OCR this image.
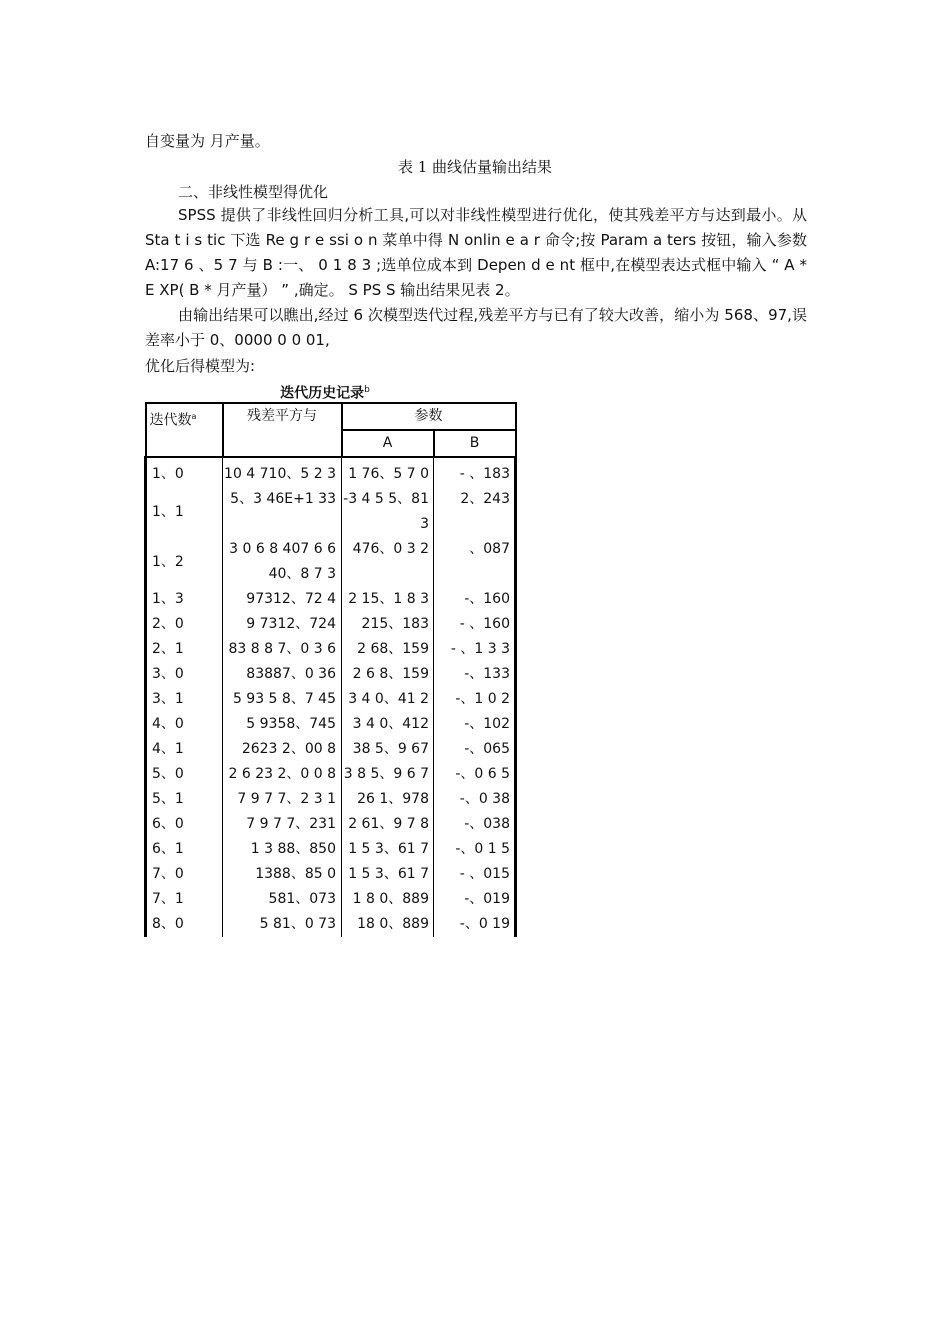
自变量为 月产量。
表 1 曲线估量输出结果
二、非线性模型得优化
SPSS 提供了非线性回归分析工具,可以对非线性模型进行优化，使其残差平方与达到最小。从 Sta t i s tic 下选 Re g r e ssi o n 菜单中得 N onlin e a r 命令;按 Param a ters 按钮，输入参数 A:17 6 、5 7 与 B :一、 0 1 8 3 ;选单位成本到 Depen d e nt 框中,在模型表达式框中输入 “ A * E XP( B * 月产量） ” ,确定。 S PS S 输出结果见表 2。
由输出结果可以瞧出,经过 6 次模型迭代过程,残差平方与已有了较大改善，缩小为 568、97,误差率小于 0、0000 0 0 01,
优化后得模型为:
迭代历史记录$^b$
迭代数$^a$	残差平方与	参数	
		A	B
1、0	10 4 710、5 2 3	1 76、5 7 0	- 、183
1、1	5、3 46E+1 33	-3 4 5 5、813	2、243
1、2	3 0 6 8 407 6 6 40、8 7 3	476、0 3 2	、087
1、3	97312、72 4	2 15、1 8 3	-、160
2、0	9 7312、724	215、183	- 、160
2、1	83 8 8 7、0 3 6	2 68、159	- 、1 3 3
3、0	83887、0 36	2 6 8、159	-、133
3、1	5 93 5 8、7 45	3 4 0、41 2	-、1 0 2
4、0	5 9358、745	3 4 0、412	-、102
4、1	2623 2、00 8	38 5、9 67	-、065
5、0	2 6 23 2、0 0 8	3 8 5、9 6 7	-、0 6 5
5、1	7 9 7 7、2 3 1	26 1、978	-、0 38
6、0	7 9 7 7、231	2 61、9 7 8	-、038
6、1	1 3 88、850	1 5 3、61 7	-、0 1 5
7、0	1388、85 0	1 5 3、61 7	- 、015
7、1	581、073	1 8 0、889	-、019
8、0	5 81、0 73	18 0、889	-、0 19
